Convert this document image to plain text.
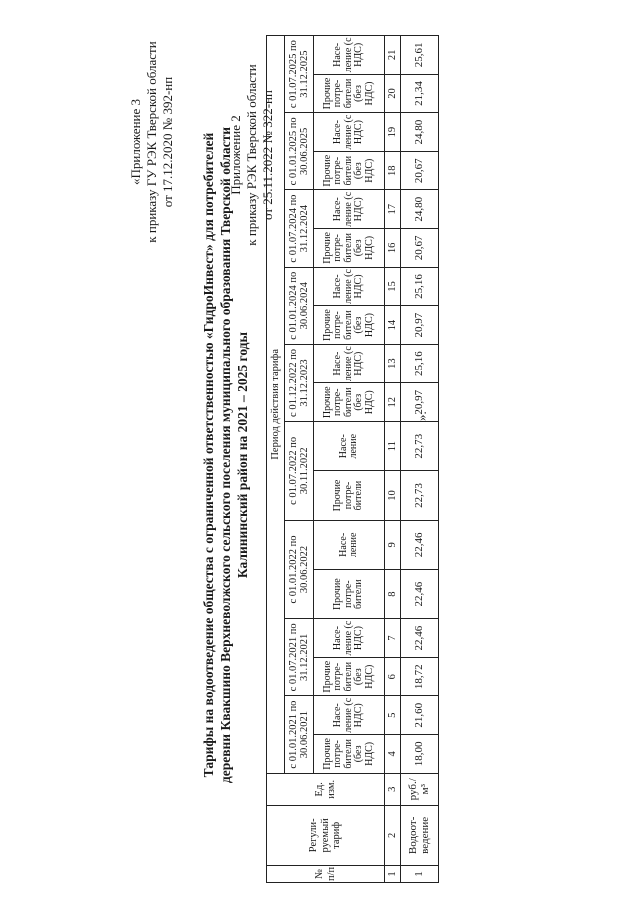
Приложение 2 к приказу РЭК Тверской области от 25.11.2022 № 322-нп
«Приложение 3 к приказу ГУ РЭК Тверской области от 17.12.2020 № 392-нп Тарифы на водоотведение общества с ограниченной ответственностью «ГидроИнвест» для потребителей деревни Квакшино Верхневолжского сельского поселения муниципального образования Тверской области Калининский район на 2021 – 2025 годы
№ п/п	Регули-руемый тариф	Ед. изм.	Период действия тарифа																	
			с 01.01.2021 по 30.06.2021		с 01.07.2021 по 31.12.2021		с 01.01.2022 по 30.06.2022		с 01.07.2022 по 30.11.2022		с 01.12.2022 по 31.12.2023		с 01.01.2024 по 30.06.2024		с 01.07.2024 по 31.12.2024		с 01.01.2025 по 30.06.2025		с 01.07.2025 по 31.12.2025	
			Прочие потре-бители (без НДС)	Насе-ление (с НДС)	Прочие потре-бители (без НДС)	Насе-ление (с НДС)	Прочие потре-бители	Насе-ление	Прочие потре-бители	Насе-ление	Прочие потре-бители (без НДС)	Насе-ление (с НДС)	Прочие потре-бители (без НДС)	Насе-ление (с НДС)	Прочие потре-бители (без НДС)	Насе-ление (с НДС)	Прочие потре-бители (без НДС)	Насе-ление (с НДС)	Прочие потре-бители (без НДС)	Насе-ление (с НДС)
1	2	3	4	5	6	7	8	9	10	11	12	13	14	15	16	17	18	19	20	21
1	Водоот-ведение	руб./м³	18,00	21,60	18,72	22,46	22,46	22,46	22,73	22,73	20,97	25,16	20,97	25,16	20,67	24,80	20,67	24,80	21,34	25,61
».
